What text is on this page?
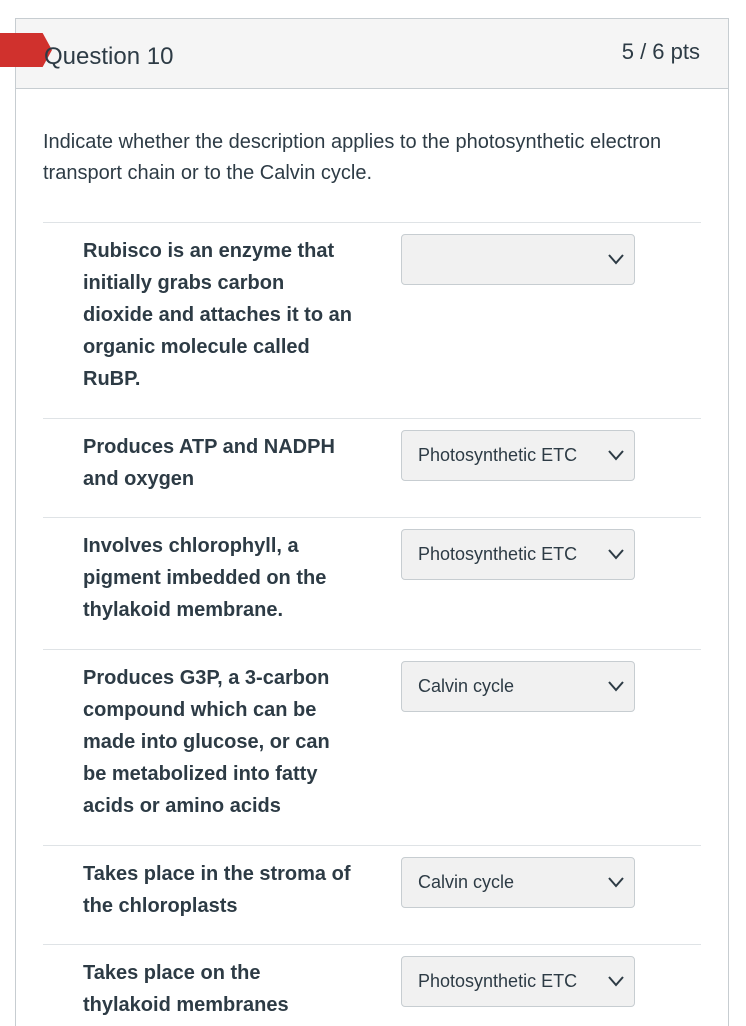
Question 10	5 / 6 pts
Indicate whether the description applies to the photosynthetic electron transport chain or to the Calvin cycle.
Rubisco is an enzyme that initially grabs carbon dioxide and attaches it to an organic molecule called RuBP.
Produces ATP and NADPH and oxygen
Photosynthetic ETC
Involves chlorophyll, a pigment imbedded on the thylakoid membrane.
Photosynthetic ETC
Produces G3P, a 3-carbon compound which can be made into glucose, or can be metabolized into fatty acids or amino acids
Calvin cycle
Takes place in the stroma of the chloroplasts
Calvin cycle
Takes place on the thylakoid membranes
Photosynthetic ETC
